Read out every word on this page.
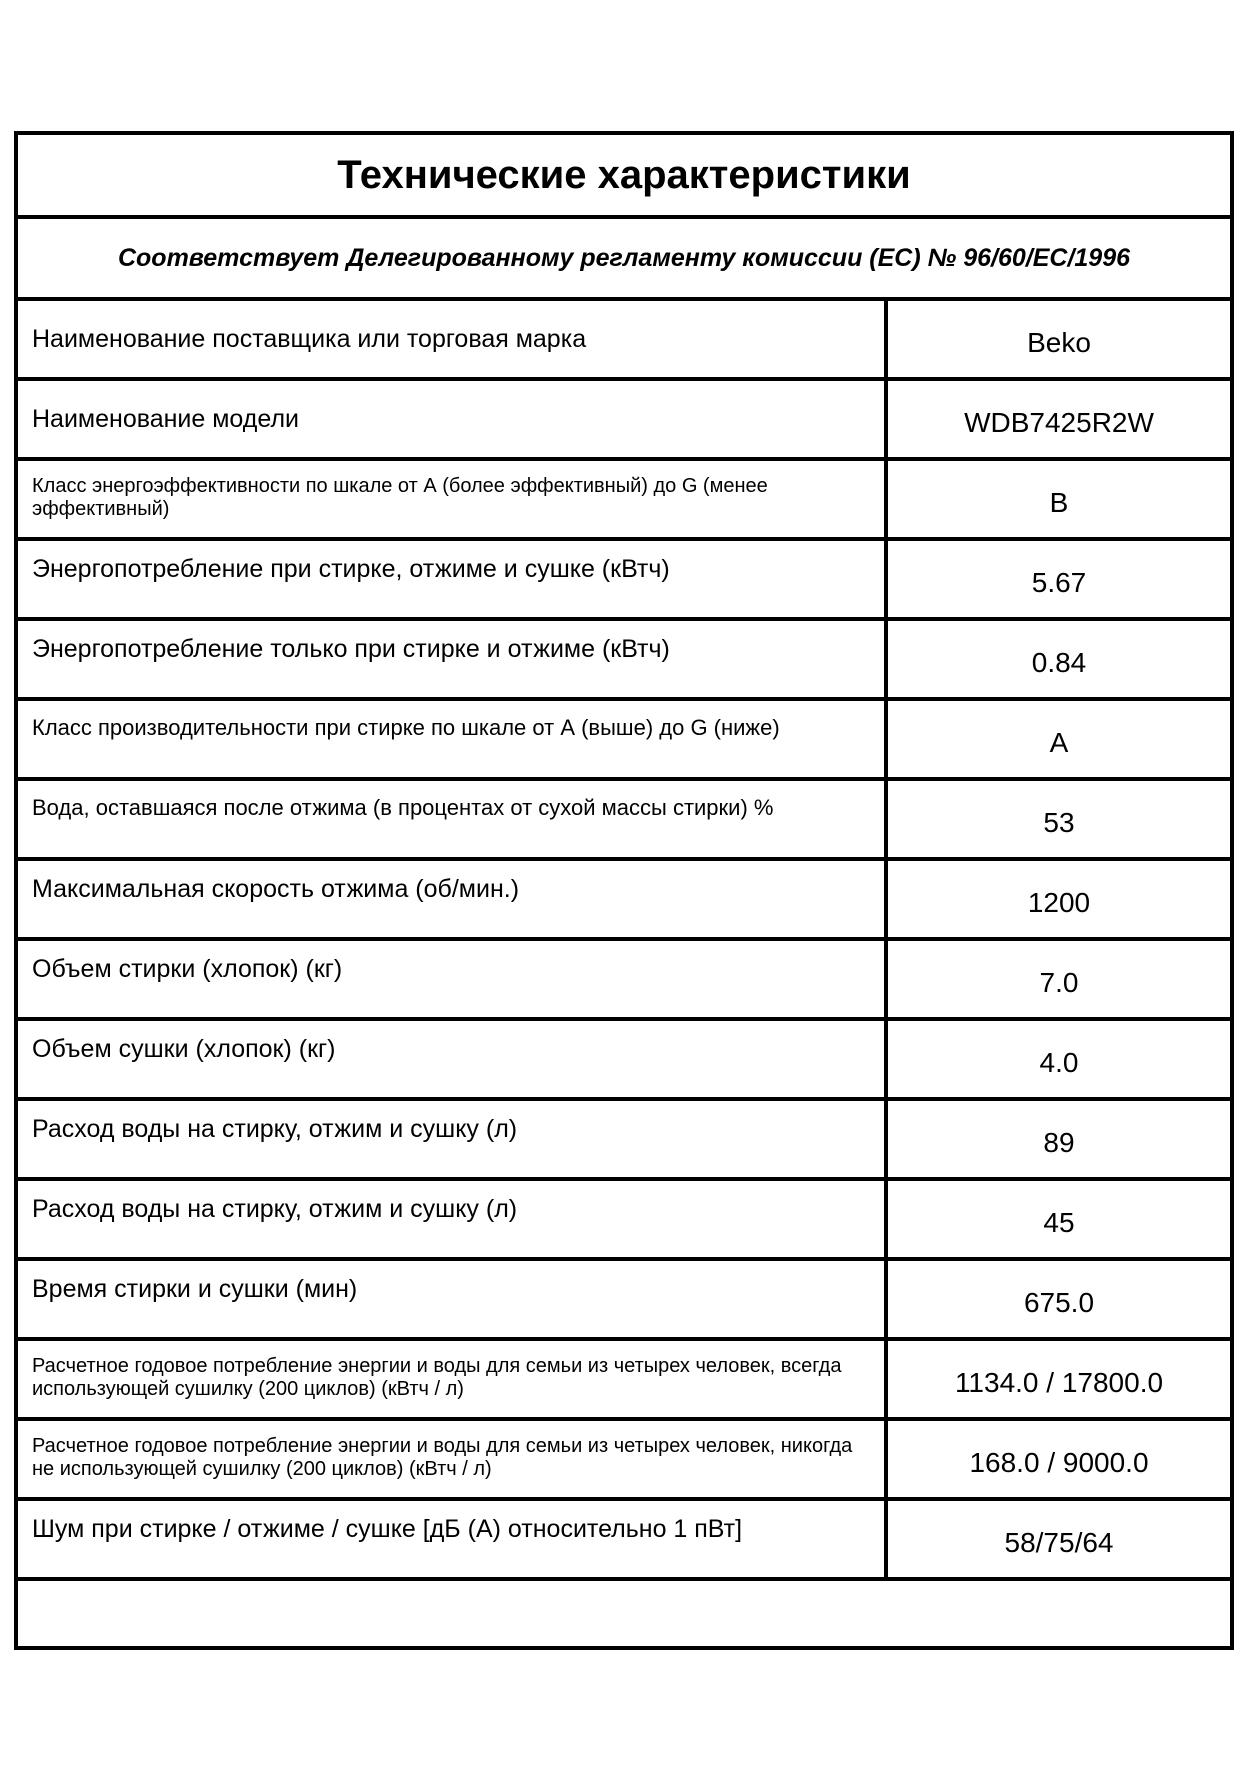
Технические характеристики
Соответствует Делегированному регламенту комиссии (ЕС) № 96/60/ЕС/1996
Наименование поставщика или торговая марка	Beko
Наименование модели	WDB7425R2W
Класс энергоэффективности по шкале от А (более эффективный) до G (менее эффективный)	B
Энергопотребление при стирке, отжиме и сушке (кВтч)	5.67
Энергопотребление только при стирке и отжиме (кВтч)	0.84
Класс производительности при стирке по шкале от А (выше) до G (ниже)	A
Вода, оставшаяся после отжима (в процентах от сухой массы стирки) %	53
Максимальная скорость отжима (об/мин.)	1200
Объем стирки (хлопок) (кг)	7.0
Объем сушки (хлопок) (кг)	4.0
Расход воды на стирку, отжим и сушку (л)	89
Расход воды на стирку, отжим и сушку (л)	45
Время стирки и сушки (мин)	675.0
Расчетное годовое потребление энергии и воды для семьи из четырех человек, всегда использующей сушилку (200 циклов) (кВтч / л)	1134.0 / 17800.0
Расчетное годовое потребление энергии и воды для семьи из четырех человек, никогда не использующей сушилку (200 циклов) (кВтч / л)	168.0 / 9000.0
Шум при стирке / отжиме / сушке [дБ (А) относительно 1 пВт]	58/75/64
